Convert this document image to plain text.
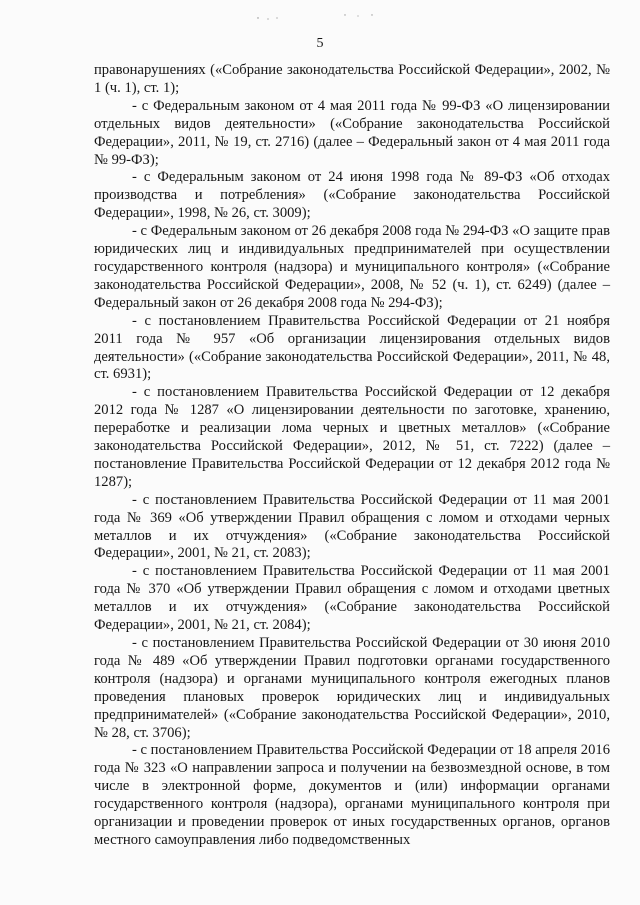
5

правонарушениях («Собрание законодательства Российской Федерации», 2002, № 1 (ч. 1), ст. 1);

- с Федеральным законом от 4 мая 2011 года № 99-ФЗ «О лицензировании отдельных видов деятельности» («Собрание законодательства Российской Федерации», 2011, № 19, ст. 2716) (далее – Федеральный закон от 4 мая 2011 года № 99-ФЗ);

- с Федеральным законом от 24 июня 1998 года № 89-ФЗ «Об отходах производства и потребления» («Собрание законодательства Российской Федерации», 1998, № 26, ст. 3009);

- с Федеральным законом от 26 декабря 2008 года № 294-ФЗ «О защите прав юридических лиц и индивидуальных предпринимателей при осуществлении государственного контроля (надзора) и муниципального контроля» («Собрание законодательства Российской Федерации», 2008, № 52 (ч. 1), ст. 6249) (далее – Федеральный закон от 26 декабря 2008 года № 294-ФЗ);

- с постановлением Правительства Российской Федерации от 21 ноября 2011 года № 957 «Об организации лицензирования отдельных видов деятельности» («Собрание законодательства Российской Федерации», 2011, № 48, ст. 6931);

- с постановлением Правительства Российской Федерации от 12 декабря 2012 года № 1287 «О лицензировании деятельности по заготовке, хранению, переработке и реализации лома черных и цветных металлов» («Собрание законодательства Российской Федерации», 2012, № 51, ст. 7222) (далее – постановление Правительства Российской Федерации от 12 декабря 2012 года № 1287);

- с постановлением Правительства Российской Федерации от 11 мая 2001 года № 369 «Об утверждении Правил обращения с ломом и отходами черных металлов и их отчуждения» («Собрание законодательства Российской Федерации», 2001, № 21, ст. 2083);

- с постановлением Правительства Российской Федерации от 11 мая 2001 года № 370 «Об утверждении Правил обращения с ломом и отходами цветных металлов и их отчуждения» («Собрание законодательства Российской Федерации», 2001, № 21, ст. 2084);

- с постановлением Правительства Российской Федерации от 30 июня 2010 года № 489 «Об утверждении Правил подготовки органами государственного контроля (надзора) и органами муниципального контроля ежегодных планов проведения плановых проверок юридических лиц и индивидуальных предпринимателей» («Собрание законодательства Российской Федерации», 2010, № 28, ст. 3706);

- с постановлением Правительства Российской Федерации от 18 апреля 2016 года № 323 «О направлении запроса и получении на безвозмездной основе, в том числе в электронной форме, документов и (или) информации органами государственного контроля (надзора), органами муниципального контроля при организации и проведении проверок от иных государственных органов, органов местного самоуправления либо подведомственных
